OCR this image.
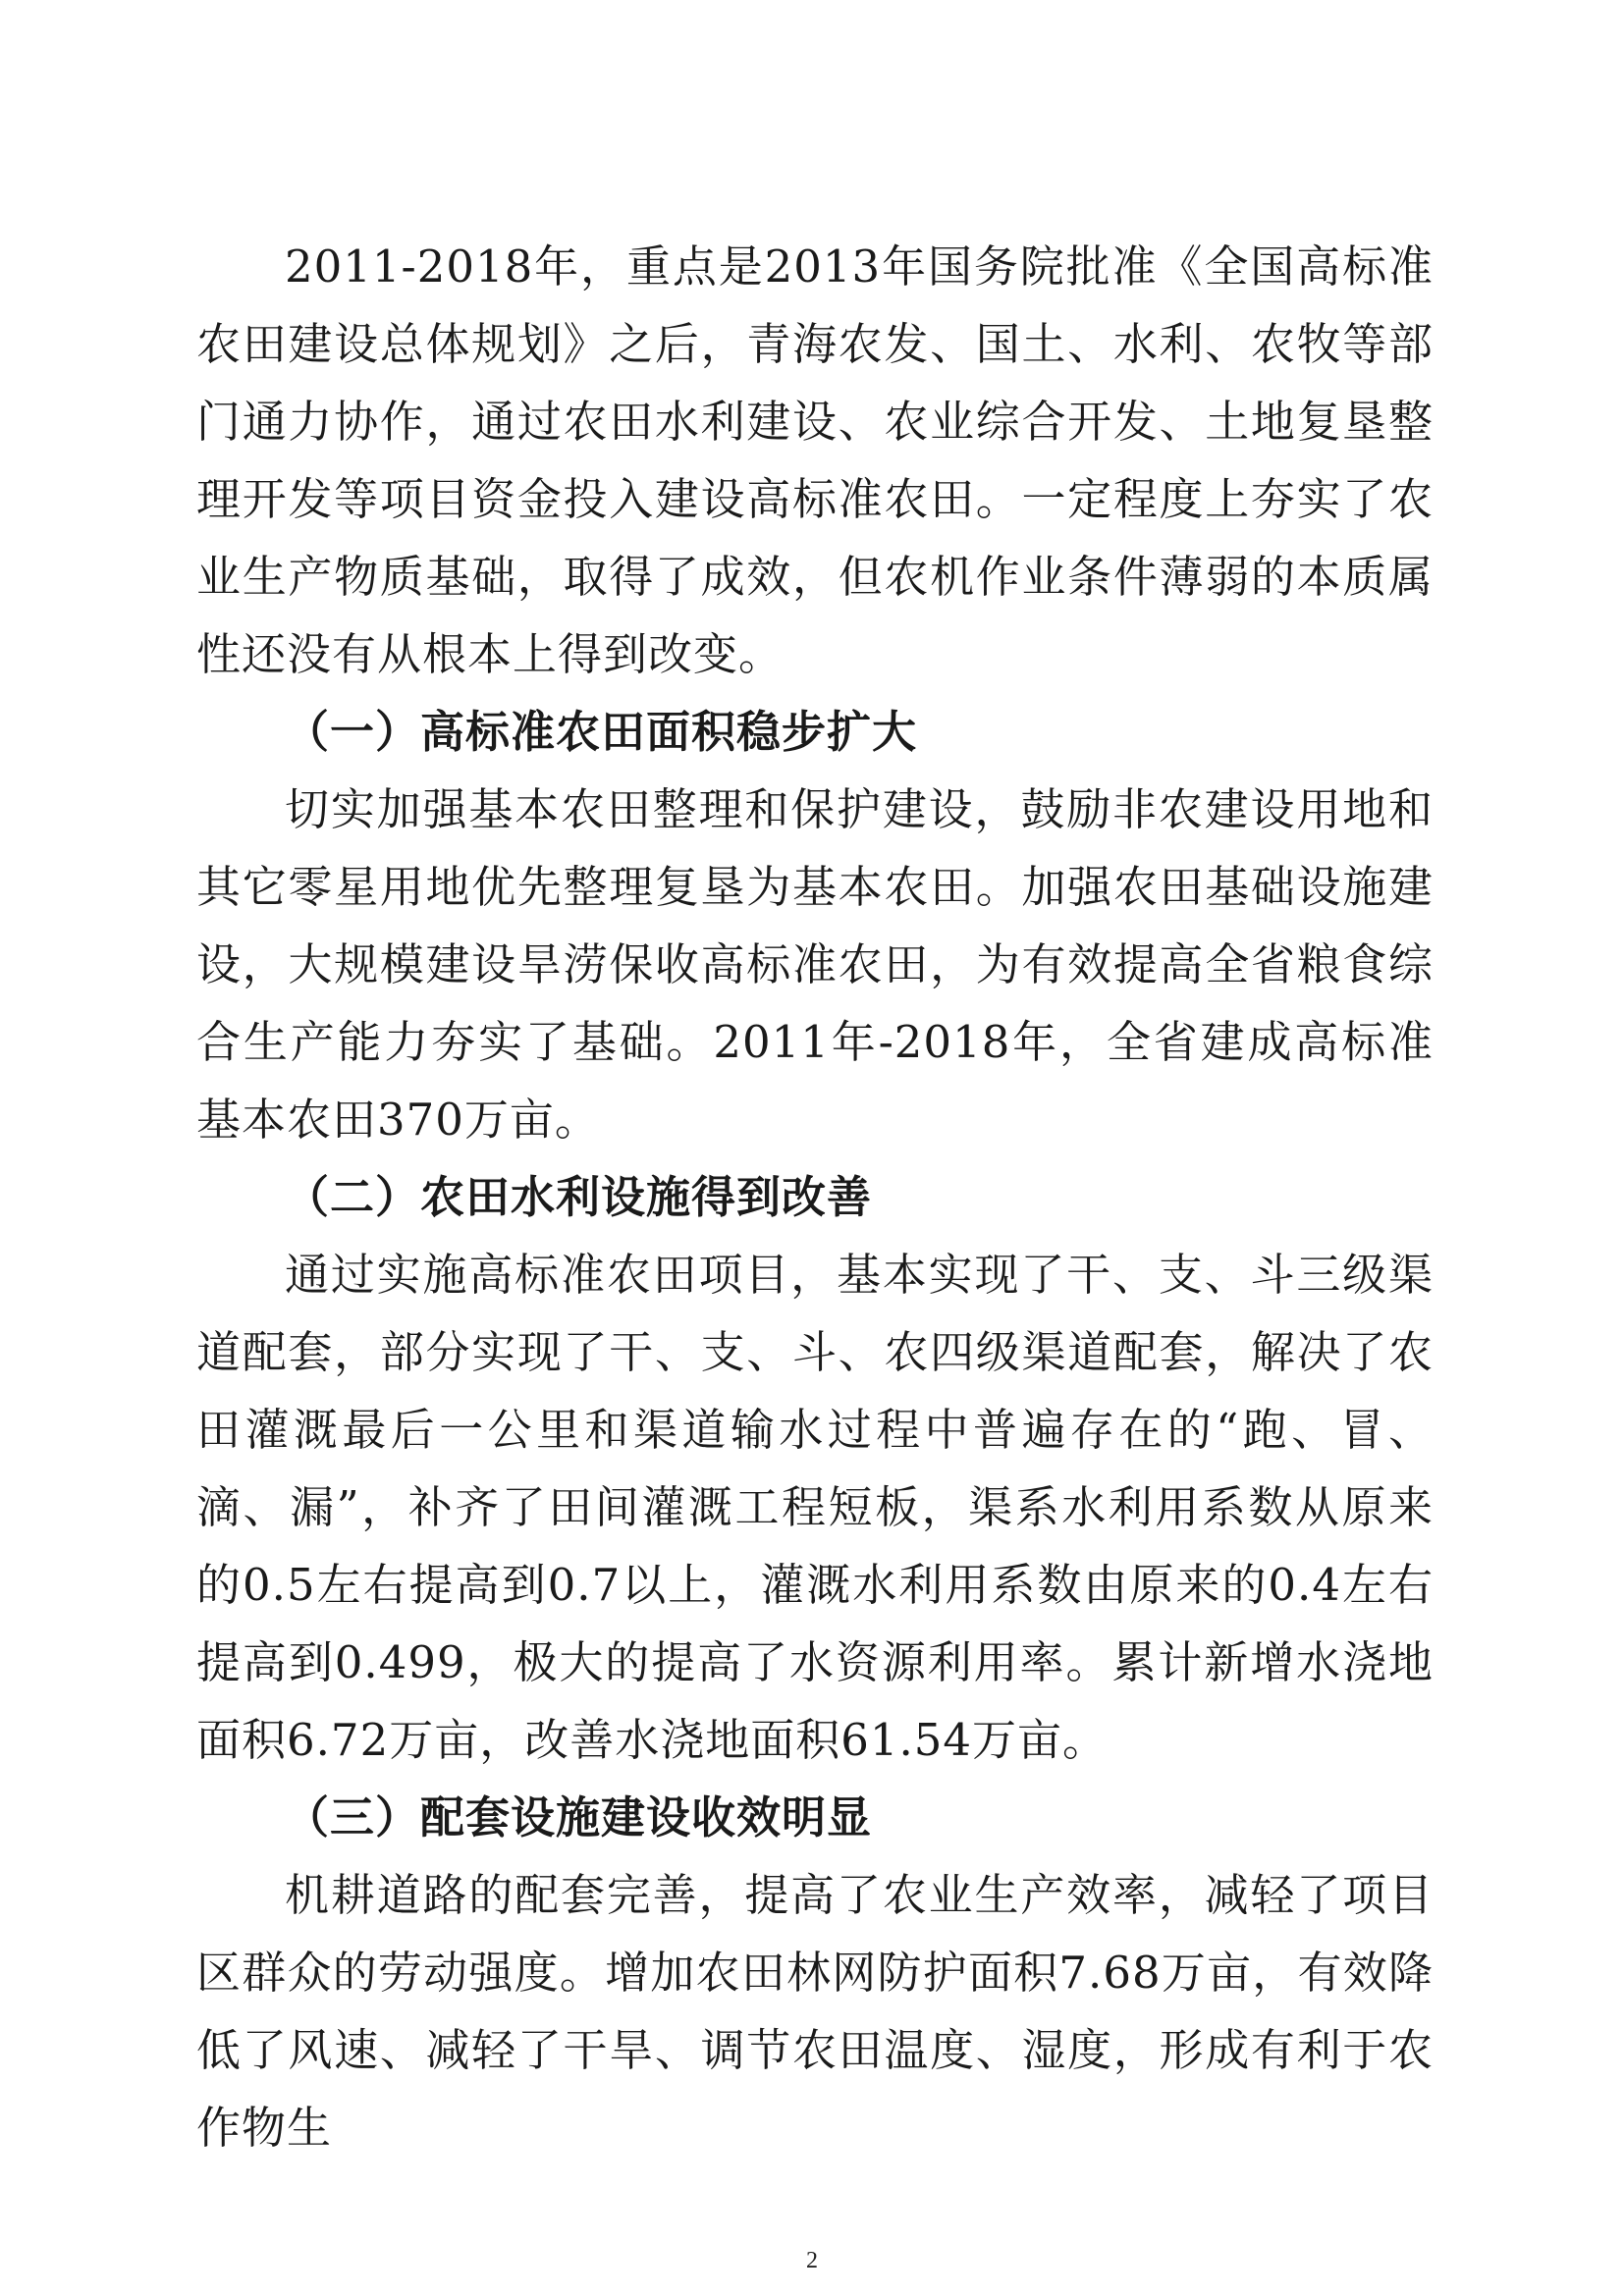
2011-2018年，重点是2013年国务院批准《全国高标准农田建设总体规划》之后，青海农发、国土、水利、农牧等部门通力协作，通过农田水利建设、农业综合开发、土地复垦整理开发等项目资金投入建设高标准农田。一定程度上夯实了农业生产物质基础，取得了成效，但农机作业条件薄弱的本质属性还没有从根本上得到改变。

（一）高标准农田面积稳步扩大

切实加强基本农田整理和保护建设，鼓励非农建设用地和其它零星用地优先整理复垦为基本农田。加强农田基础设施建设，大规模建设旱涝保收高标准农田，为有效提高全省粮食综合生产能力夯实了基础。2011年-2018年，全省建成高标准基本农田370万亩。

（二）农田水利设施得到改善

通过实施高标准农田项目，基本实现了干、支、斗三级渠道配套，部分实现了干、支、斗、农四级渠道配套，解决了农田灌溉最后一公里和渠道输水过程中普遍存在的“跑、冒、滴、漏”，补齐了田间灌溉工程短板，渠系水利用系数从原来的0.5左右提高到0.7以上，灌溉水利用系数由原来的0.4左右提高到0.499，极大的提高了水资源利用率。累计新增水浇地面积6.72万亩，改善水浇地面积61.54万亩。

（三）配套设施建设收效明显

机耕道路的配套完善，提高了农业生产效率，减轻了项目区群众的劳动强度。增加农田林网防护面积7.68万亩，有效降低了风速、减轻了干旱、调节农田温度、湿度，形成有利于农作物生

2
